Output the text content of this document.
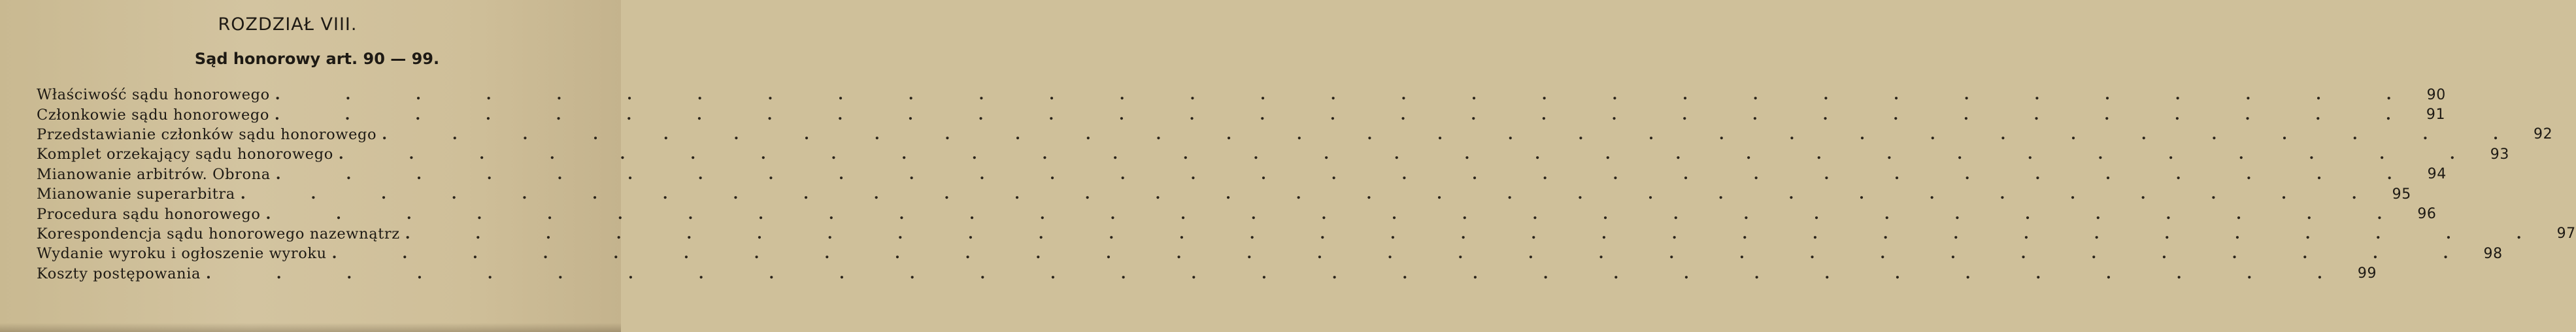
ROZDZIAŁ VIII.
Sąd honorowy art. 90 — 99.
Właściwość sądu honorowego . . . . . . . . . . . . . . . . . . . . . . . . . . . . . . . 90
Członkowie sądu honorowego . . . . . . . . . . . . . . . . . . . . . . . . . . . . . . . 91
Przedstawianie członków sądu honorowego . . . . . . . . . . . . . . . . . . . . . . . . . . . . . . . 92
Komplet orzekający sądu honorowego . . . . . . . . . . . . . . . . . . . . . . . . . . . . . . . 93
Mianowanie arbitrów. Obrona . . . . . . . . . . . . . . . . . . . . . . . . . . . . . . . 94
Mianowanie superarbitra . . . . . . . . . . . . . . . . . . . . . . . . . . . . . . . 95
Procedura sądu honorowego . . . . . . . . . . . . . . . . . . . . . . . . . . . . . . . 96
Korespondencja sądu honorowego nazewnątrz . . . . . . . . . . . . . . . . . . . . . . . . . . . . . . . 97
Wydanie wyroku i ogłoszenie wyroku . . . . . . . . . . . . . . . . . . . . . . . . . . . . . . . 98
Koszty postępowania . . . . . . . . . . . . . . . . . . . . . . . . . . . . . . . 99
